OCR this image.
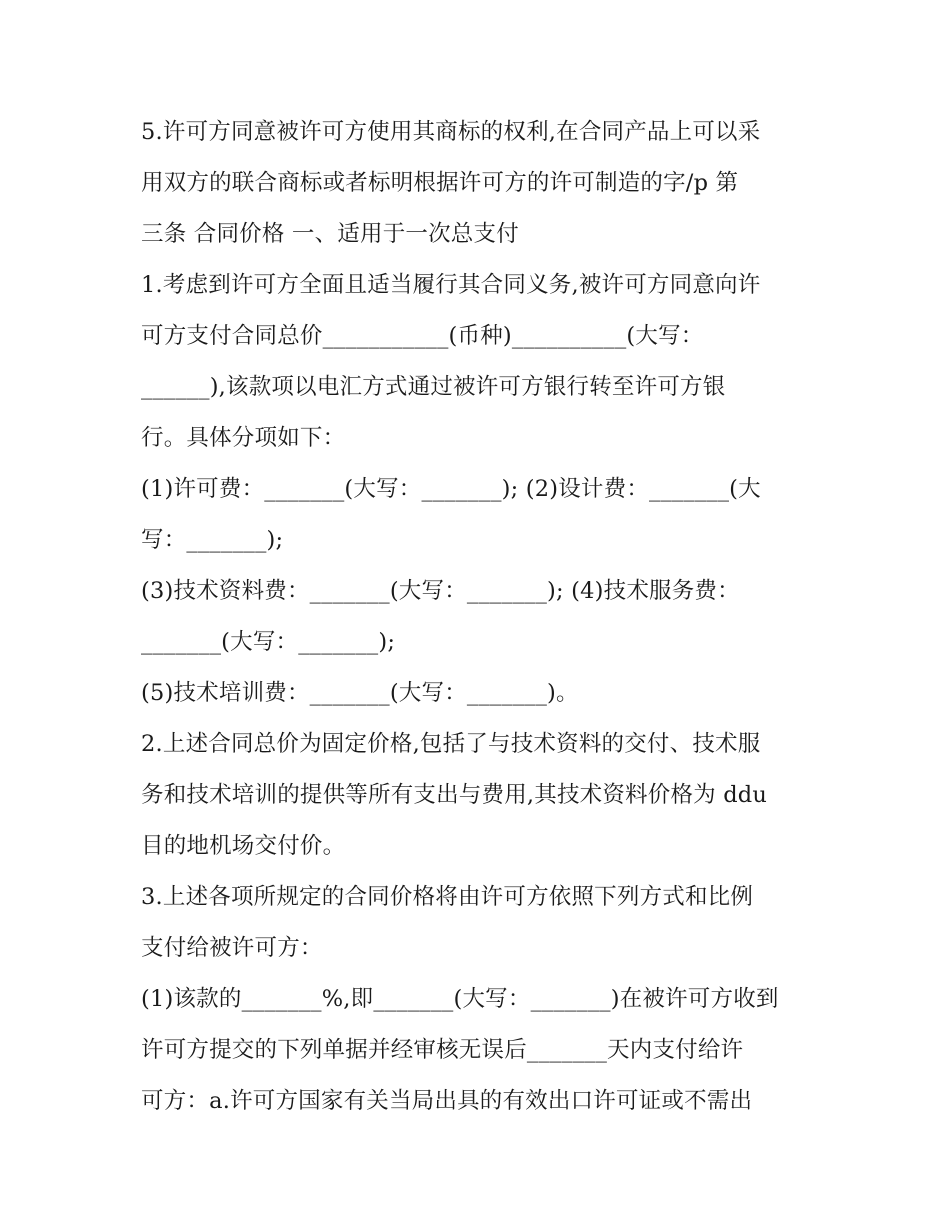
5.许可方同意被许可方使用其商标的权利,在合同产品上可以采
用双方的联合商标或者标明根据许可方的许可制造的字/p 第
三条 合同价格 一、适用于一次总支付
1.考虑到许可方全面且适当履行其合同义务,被许可方同意向许
可方支付合同总价___________(币种)__________(大写：
______),该款项以电汇方式通过被许可方银行转至许可方银
行。具体分项如下：
(1)许可费：_______(大写：_______); (2)设计费：_______(大
写：_______);
(3)技术资料费：_______(大写：_______); (4)技术服务费：
_______(大写：_______);
(5)技术培训费：_______(大写：_______)。
2.上述合同总价为固定价格,包括了与技术资料的交付、技术服
务和技术培训的提供等所有支出与费用,其技术资料价格为 ddu
目的地机场交付价。
3.上述各项所规定的合同价格将由许可方依照下列方式和比例
支付给被许可方：
(1)该款的_______%,即_______(大写：_______)在被许可方收到
许可方提交的下列单据并经审核无误后_______天内支付给许
可方：a.许可方国家有关当局出具的有效出口许可证或不需出
